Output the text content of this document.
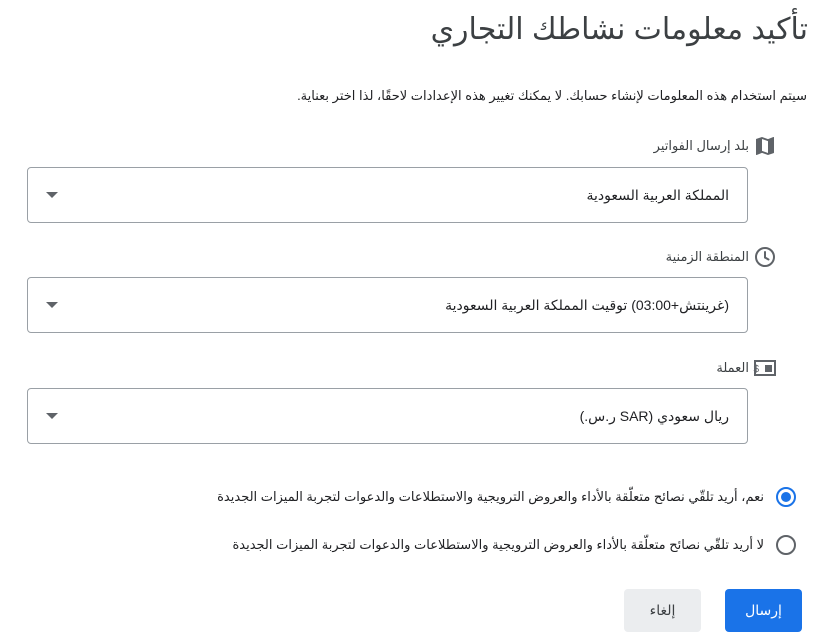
تأكيد معلومات نشاطك التجاري
سيتم استخدام هذه المعلومات لإنشاء حسابك. لا يمكنك تغيير هذه الإعدادات لاحقًا، لذا اختر بعناية.
بلد إرسال الفواتير
المملكة العربية السعودية
المنطقة الزمنية
(غرينتش+03:00) توقيت المملكة العربية السعودية
$
العملة
ريال سعودي (SAR ر.س.)
نعم، أريد تلقّي نصائح متعلّقة بالأداء والعروض الترويجية والاستطلاعات والدعوات لتجربة الميزات الجديدة
لا أريد تلقّي نصائح متعلّقة بالأداء والعروض الترويجية والاستطلاعات والدعوات لتجربة الميزات الجديدة
إلغاء	إرسال
